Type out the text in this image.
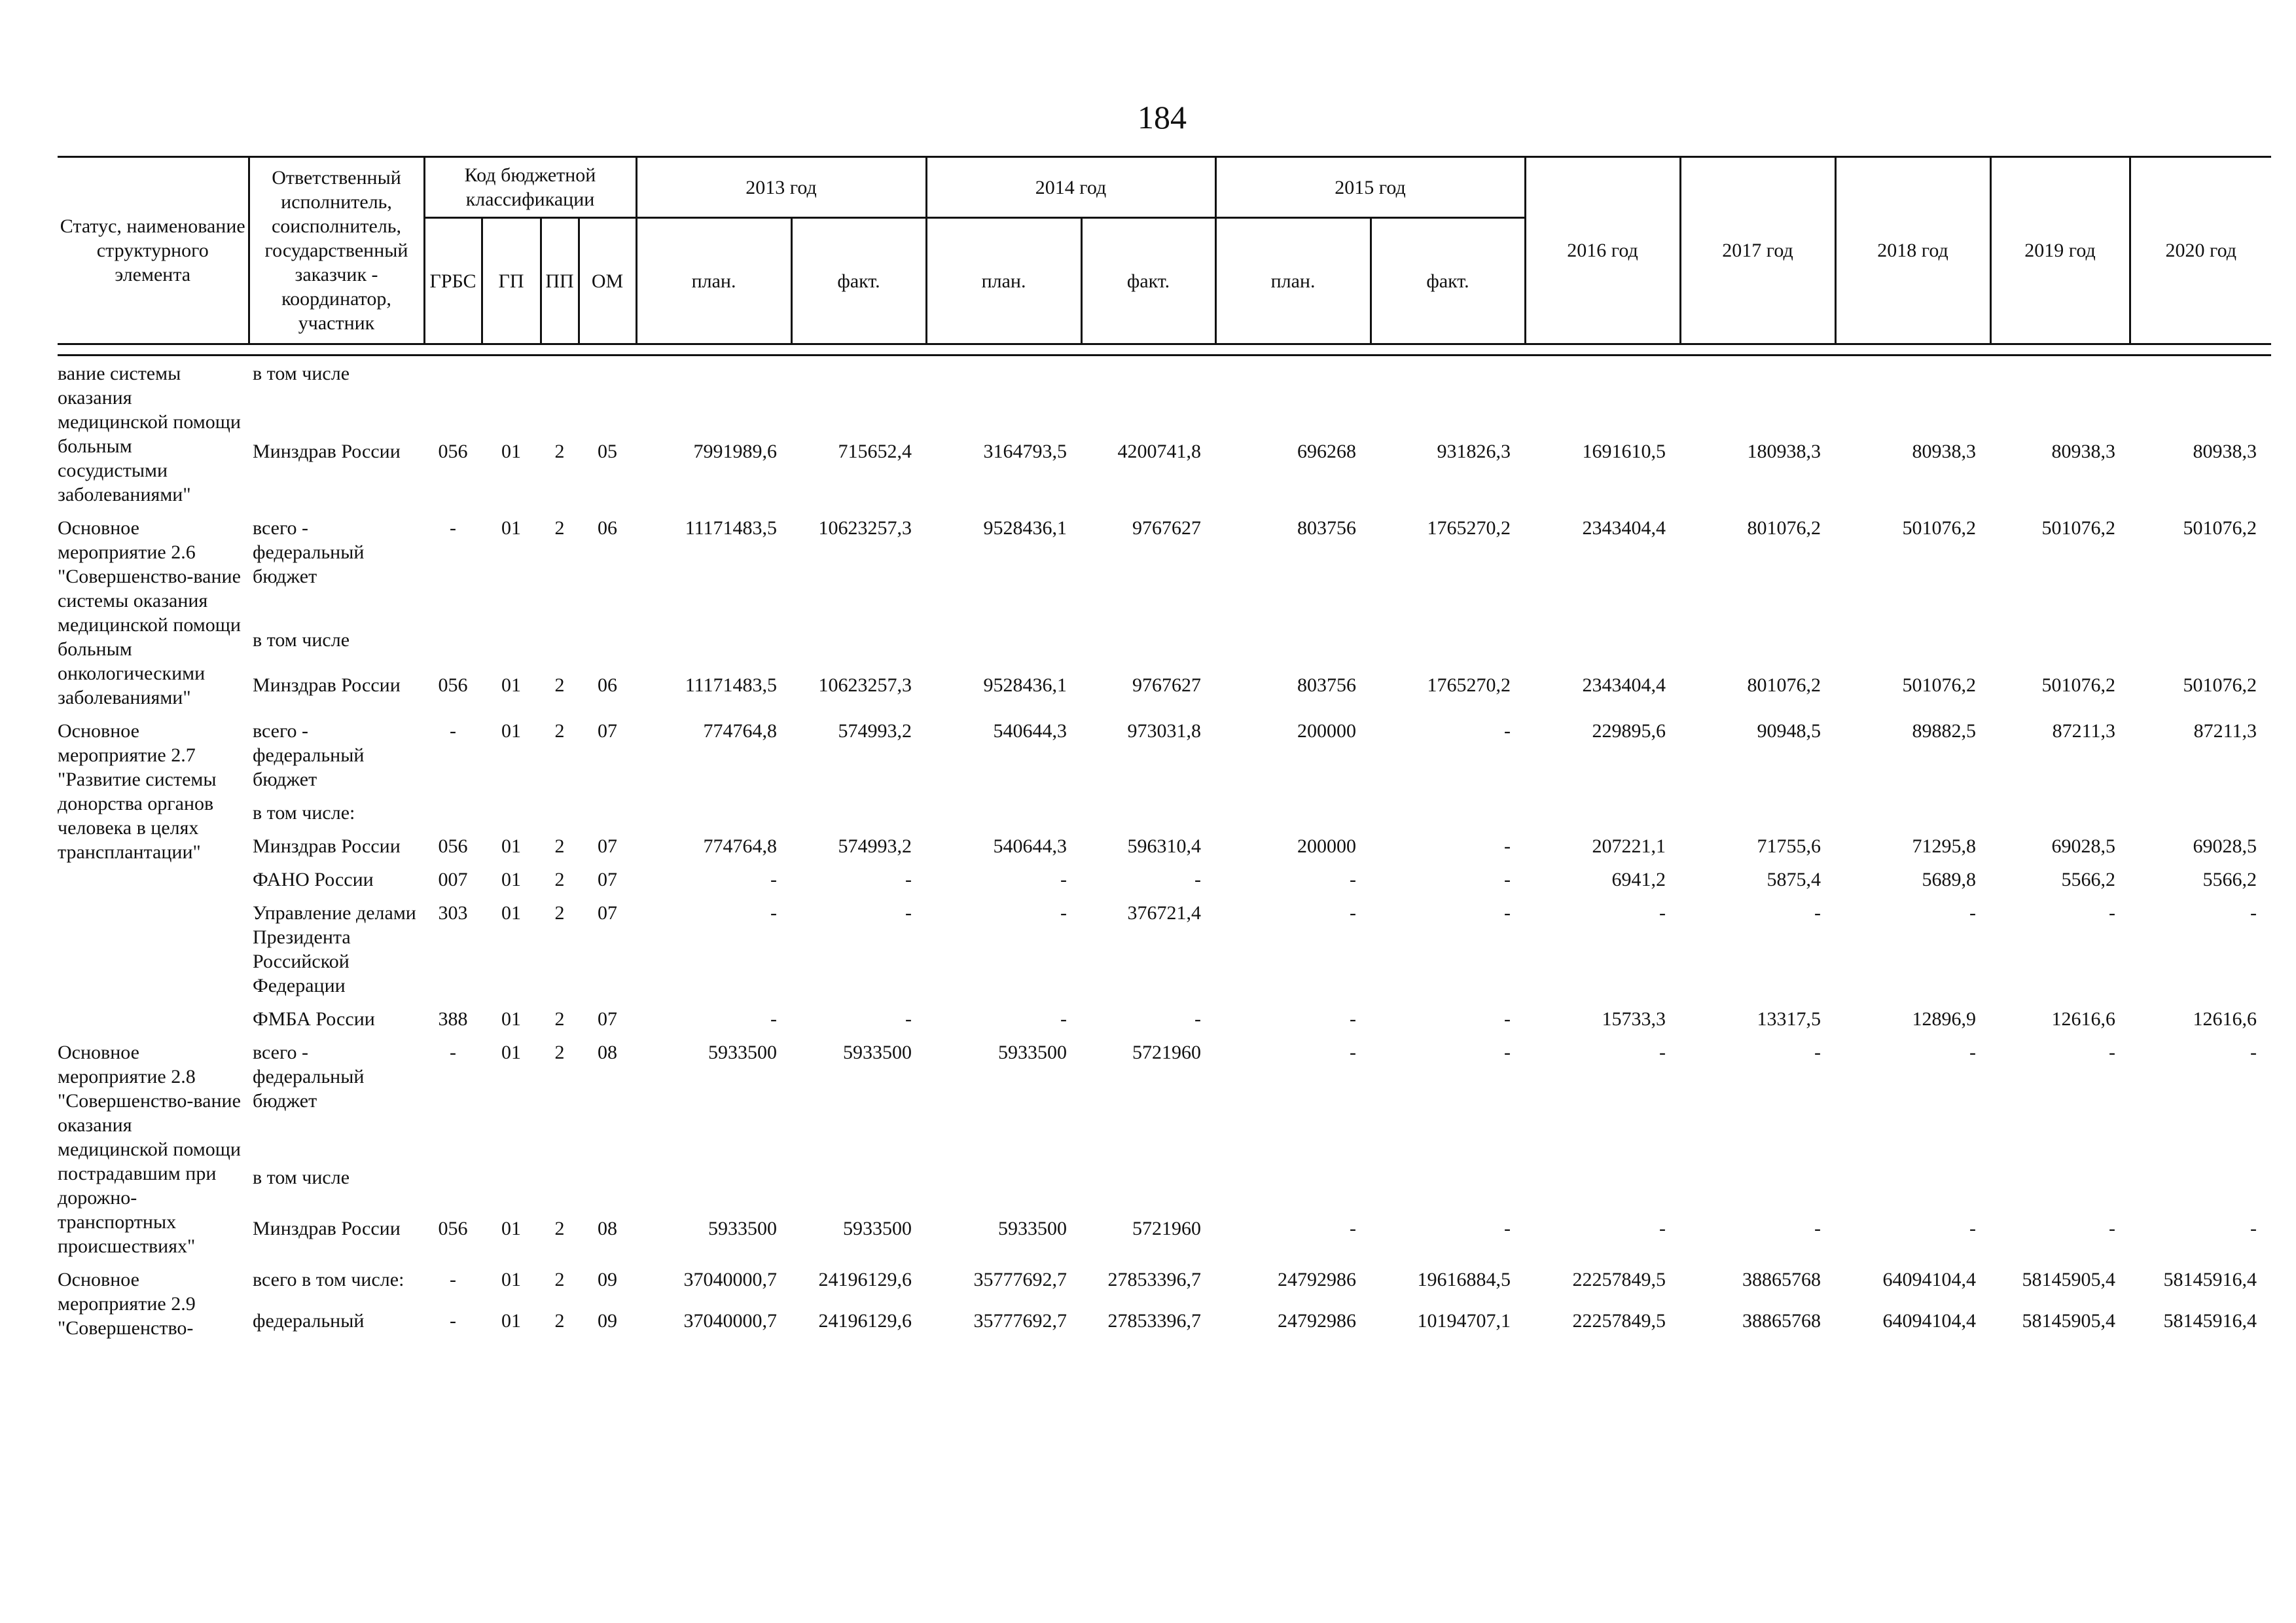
184
Статус, наименование структурного элемента	Ответственный исполнитель, соисполнитель, государственный заказчик - координатор, участник	Код бюджетной классификации				2013 год		2014 год		2015 год		2016 год	2017 год	2018 год	2019 год	2020 год
		ГРБС	ГП	ПП	ОМ	план.	факт.	план.	факт.	план.	факт.					

вание системы оказания медицинской помощи больным сосудистыми заболеваниями"	в том числе															
	Минздрав России	056	01	2	05	7991989,6	715652,4	3164793,5	4200741,8	696268	931826,3	1691610,5	180938,3	80938,3	80938,3	80938,3
Основное мероприятие 2.6 "Совершенство-вание системы оказания медицинской помощи больным онкологическими заболеваниями"	всего - федеральный бюджет	-	01	2	06	11171483,5	10623257,3	9528436,1	9767627	803756	1765270,2	2343404,4	801076,2	501076,2	501076,2	501076,2
	в том числе															
	Минздрав России	056	01	2	06	11171483,5	10623257,3	9528436,1	9767627	803756	1765270,2	2343404,4	801076,2	501076,2	501076,2	501076,2
Основное мероприятие 2.7 "Развитие системы донорства органов человека в целях трансплантации"	всего - федеральный бюджет	-	01	2	07	774764,8	574993,2	540644,3	973031,8	200000	-	229895,6	90948,5	89882,5	87211,3	87211,3
	в том числе:															
	Минздрав России	056	01	2	07	774764,8	574993,2	540644,3	596310,4	200000	-	207221,1	71755,6	71295,8	69028,5	69028,5
	ФАНО России	007	01	2	07	-	-	-	-	-	-	6941,2	5875,4	5689,8	5566,2	5566,2
	Управление делами Президента Российской Федерации	303	01	2	07	-	-	-	376721,4	-	-	-	-	-	-	-
	ФМБА России	388	01	2	07	-	-	-	-	-	-	15733,3	13317,5	12896,9	12616,6	12616,6
Основное мероприятие 2.8 "Совершенство-вание оказания медицинской помощи пострадавшим при дорожно-транспортных происшествиях"	всего - федеральный бюджет	-	01	2	08	5933500	5933500	5933500	5721960	-	-	-	-	-	-	-
	в том числе															
	Минздрав России	056	01	2	08	5933500	5933500	5933500	5721960	-	-	-	-	-	-	-
Основное мероприятие 2.9 "Совершенство-	всего в том числе:	-	01	2	09	37040000,7	24196129,6	35777692,7	27853396,7	24792986	19616884,5	22257849,5	38865768	64094104,4	58145905,4	58145916,4
	федеральный	-	01	2	09	37040000,7	24196129,6	35777692,7	27853396,7	24792986	10194707,1	22257849,5	38865768	64094104,4	58145905,4	58145916,4
